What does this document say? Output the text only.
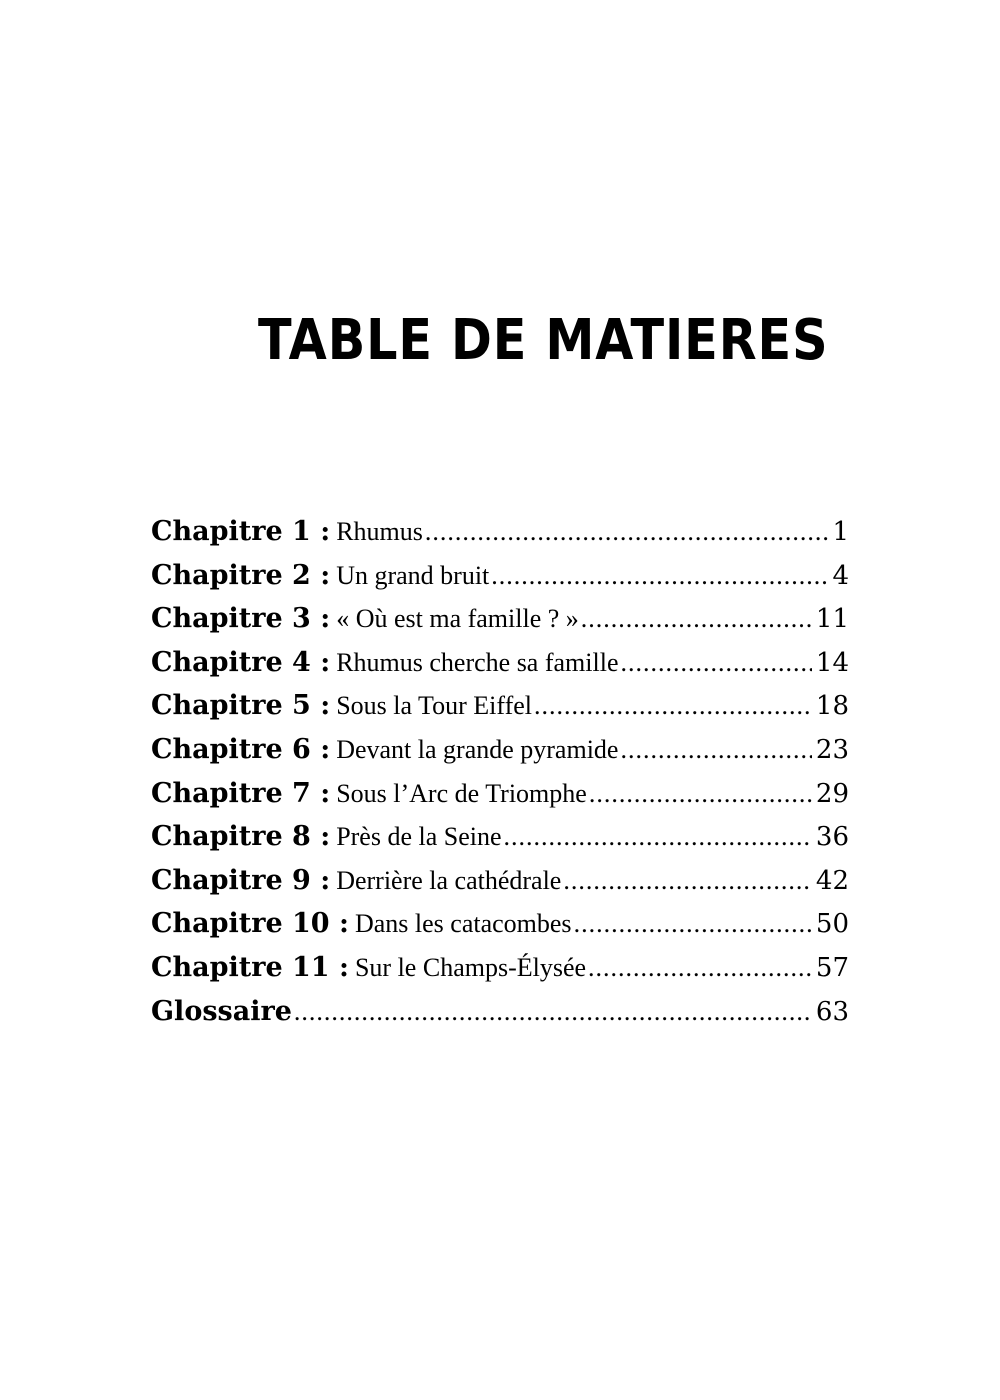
TABLE DE MATIERES
Chapitre 1 : Rhumus .....	1
Chapitre 2 : Un grand bruit .....	4
Chapitre 3 : « Où est ma famille ? » .....	11
Chapitre 4 : Rhumus cherche sa famille .....	14
Chapitre 5 : Sous la Tour Eiffel .....	18
Chapitre 6 : Devant la grande pyramide .....	23
Chapitre 7 : Sous l’Arc de Triomphe .....	29
Chapitre 8 : Près de la Seine .....	36
Chapitre 9 : Derrière la cathédrale .....	42
Chapitre 10 : Dans les catacombes .....	50
Chapitre 11 : Sur le Champs-Élysée .....	57
Glossaire .....	63
